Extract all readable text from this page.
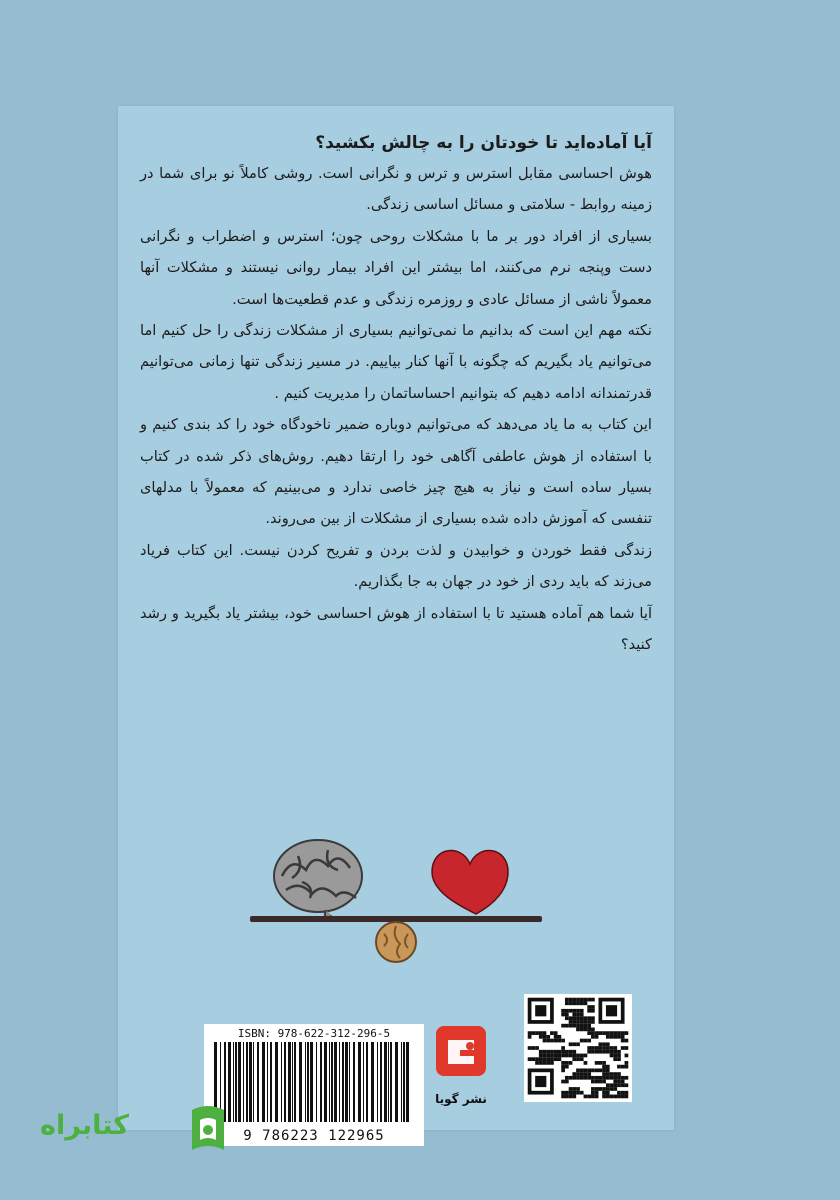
آیا آماده‌اید تا خودتان را به چالش بکشید؟

هوش احساسی مقابل استرس و ترس و نگرانی است. روشی کاملاً نو برای شما در زمینه روابط - سلامتی و مسائل اساسی زندگی.

بسیاری از افراد دور بر ما با مشکلات روحی چون؛ استرس و اضطراب و نگرانی دست وپنجه نرم می‌کنند، اما بیشتر این افراد بیمار روانی نیستند و مشکلات آنها معمولاً ناشی از مسائل عادی و روزمره زندگی و عدم قطعیت‌ها است.

نکته مهم این است که بدانیم ما نمی‌توانیم بسیاری از مشکلات زندگی را حل کنیم اما می‌توانیم یاد بگیریم که چگونه با آنها کنار بیاییم. در مسیر زندگی تنها زمانی می‌توانیم قدرتمندانه ادامه دهیم که بتوانیم احساساتمان را مدیریت کنیم .

این کتاب به ما یاد می‌دهد که می‌توانیم دوباره ضمیر ناخودگاه خود را کد بندی کنیم و با استفاده از هوش عاطفی آگاهی خود را ارتقا دهیم. روش‌های ذکر شده در کتاب بسیار ساده است و نیاز به هیچ چیز خاصی ندارد و می‌بینیم که معمولاً با مدلهای تنفسی که آموزش داده شده بسیاری از مشکلات از بین می‌روند.

زندگی فقط خوردن و خوابیدن و لذت بردن و تفریح کردن نیست. این کتاب فریاد می‌زند که باید ردی از خود در جهان به جا بگذاریم.

آیا شما هم آماده هستید تا با استفاده از هوش احساسی خود، بیشتر یاد بگیرید و رشد کنید؟

ISBN: 978-622-312-296-5
9 786223 122965
نشر گویا
کتابراه
